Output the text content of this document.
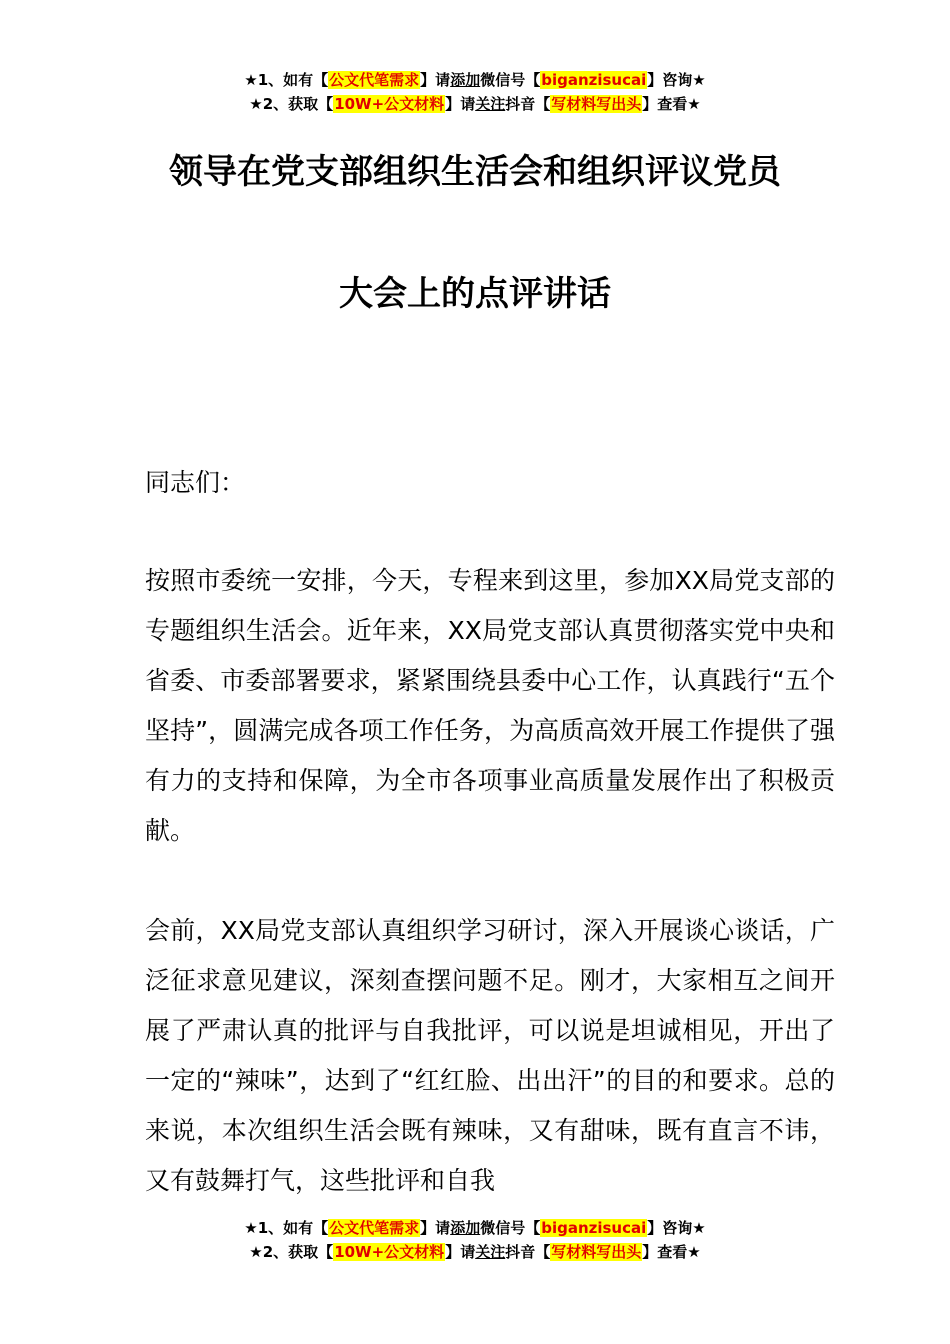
★1、如有【公文代笔需求】请添加微信号【biganzisucai】咨询★
★2、获取【10W+公文材料】请关注抖音【写材料写出头】查看★
领导在党支部组织生活会和组织评议党员
大会上的点评讲话

同志们：

按照市委统一安排，今天，专程来到这里，参加XX局党支部的专题组织生活会。近年来，XX局党支部认真贯彻落实党中央和省委、市委部署要求，紧紧围绕县委中心工作，认真践行“五个坚持”，圆满完成各项工作任务，为高质高效开展工作提供了强有力的支持和保障，为全市各项事业高质量发展作出了积极贡献。

会前，XX局党支部认真组织学习研讨，深入开展谈心谈话，广泛征求意见建议，深刻查摆问题不足。刚才，大家相互之间开展了严肃认真的批评与自我批评，可以说是坦诚相见，开出了一定的“辣味”，达到了“红红脸、出出汗”的目的和要求。总的来说，本次组织生活会既有辣味，又有甜味，既有直言不讳，又有鼓舞打气，这些批评和自我

★1、如有【公文代笔需求】请添加微信号【biganzisucai】咨询★
★2、获取【10W+公文材料】请关注抖音【写材料写出头】查看★
